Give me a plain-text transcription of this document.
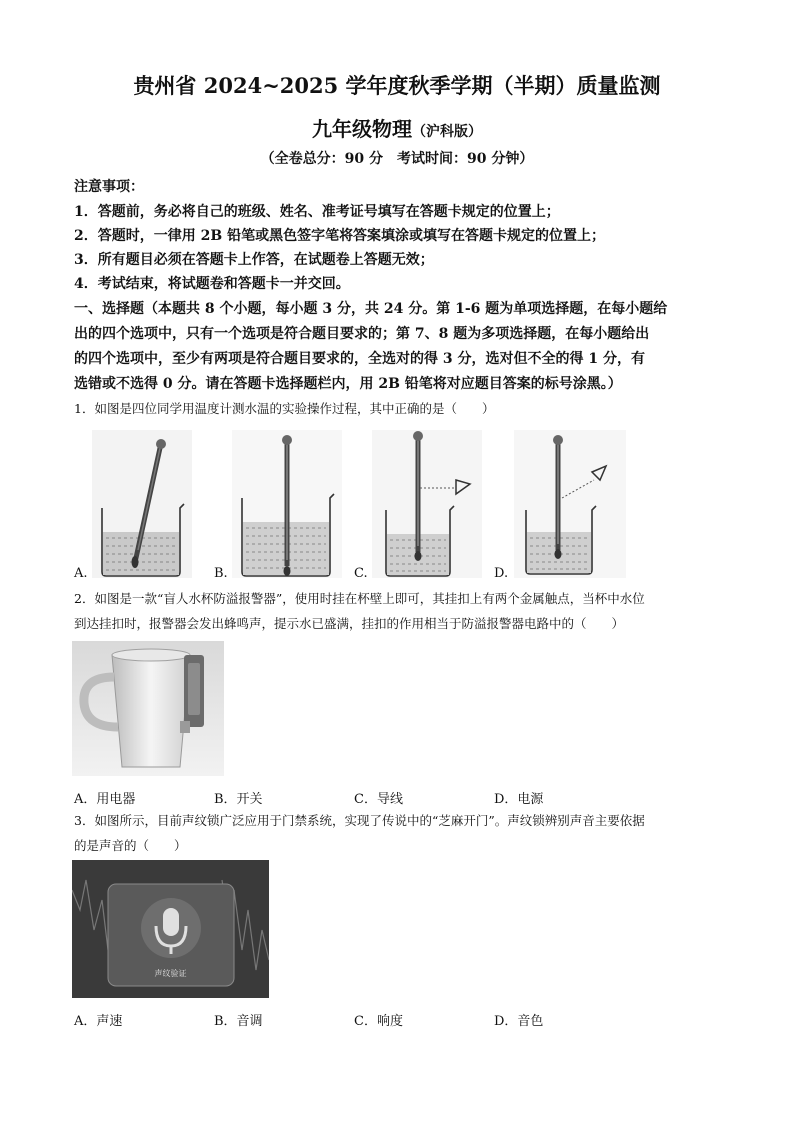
贵州省 2024~2025 学年度秋季学期（半期）质量监测
九年级物理（沪科版）
（全卷总分：90 分　考试时间：90 分钟）
注意事项：
1．答题前，务必将自己的班级、姓名、准考证号填写在答题卡规定的位置上；
2．答题时，一律用 2B 铅笔或黑色签字笔将答案填涂或填写在答题卡规定的位置上；
3．所有题目必须在答题卡上作答，在试题卷上答题无效；
4．考试结束，将试题卷和答题卡一并交回。
一、选择题（本题共 8 个小题，每小题 3 分，共 24 分。第 1-6 题为单项选择题，在每小题给
出的四个选项中，只有一个选项是符合题目要求的；第 7、8 题为多项选择题，在每小题给出
的四个选项中，至少有两项是符合题目要求的，全选对的得 3 分，选对但不全的得 1 分，有
选错或不选得 0 分。请在答题卡选择题栏内，用 2B 铅笔将对应题目答案的标号涂黑。）
1．如图是四位同学用温度计测水温的实验操作过程，其中正确的是（　　）
A.	B.	C.	D.
2．如图是一款“盲人水杯防溢报警器”，使用时挂在杯壁上即可，其挂扣上有两个金属触点，当杯中水位
到达挂扣时，报警器会发出蜂鸣声，提示水已盛满，挂扣的作用相当于防溢报警器电路中的（　　）
A．用电器	B．开关	C．导线	D．电源
3．如图所示，目前声纹锁广泛应用于门禁系统，实现了传说中的“芝麻开门”。声纹锁辨别声音主要依据
的是声音的（　　）
声纹验证
A．声速	B．音调	C．响度	D．音色
